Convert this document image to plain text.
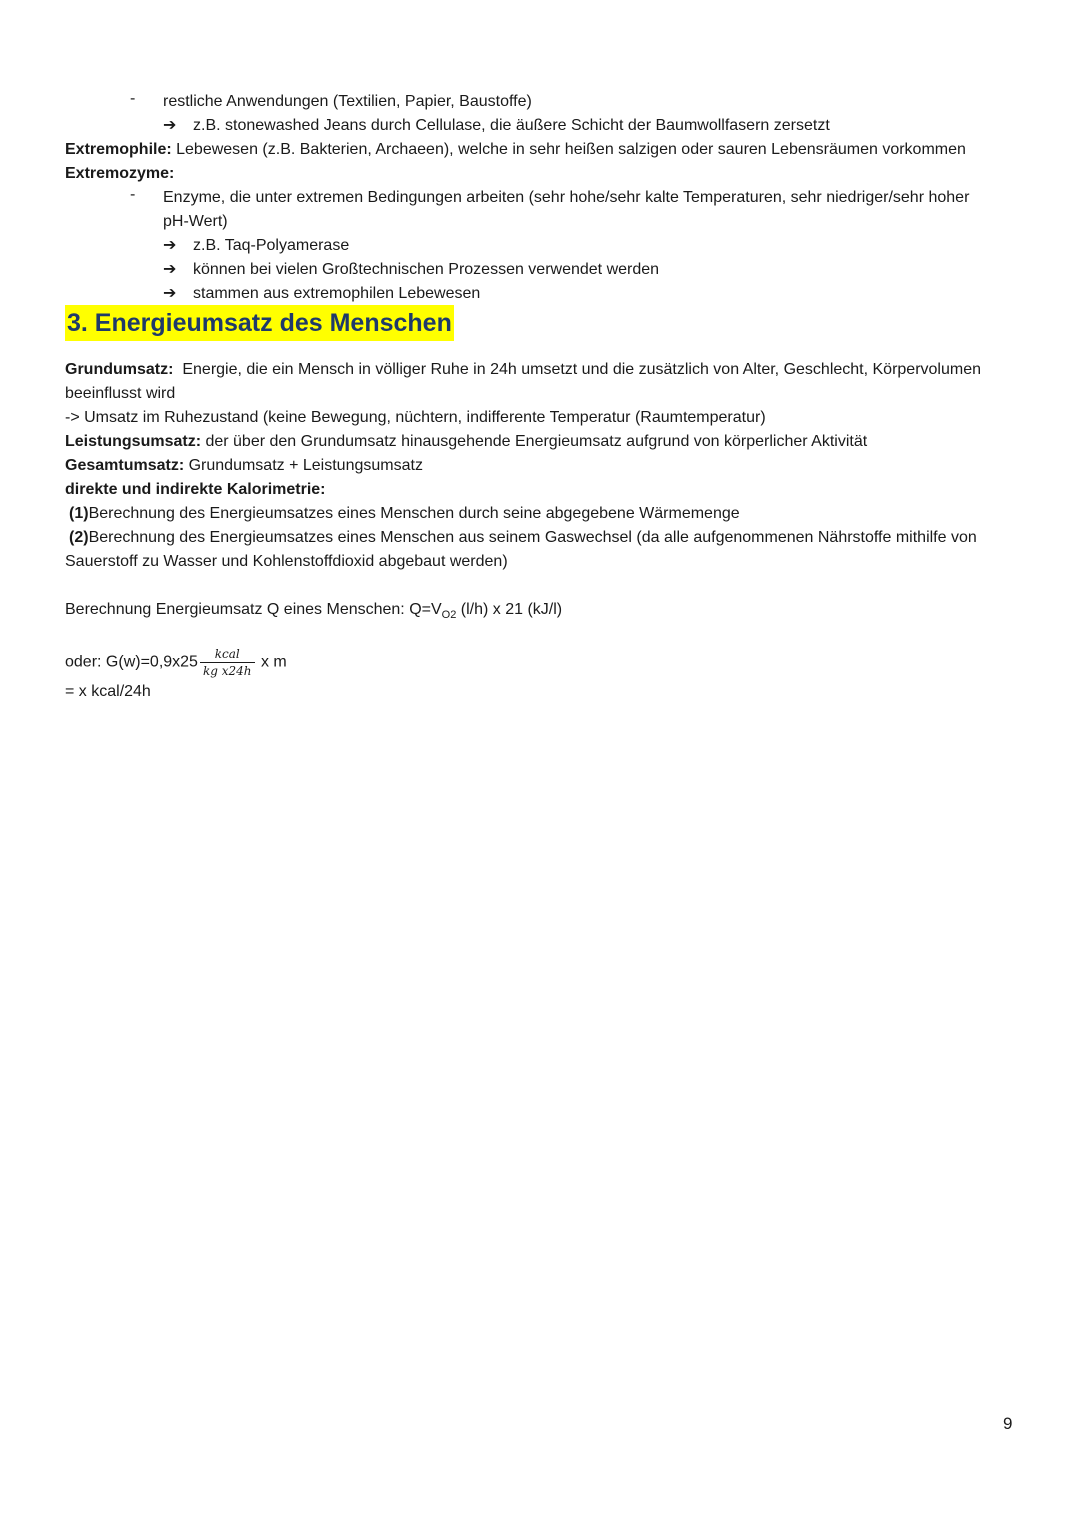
- restliche Anwendungen (Textilien, Papier, Baustoffe)
➔ z.B. stonewashed Jeans durch Cellulase, die äußere Schicht der Baumwollfasern zersetzt
Extremophile: Lebewesen (z.B. Bakterien, Archaeen), welche in sehr heißen salzigen oder sauren Lebensräumen vorkommen
Extremozyme:
- Enzyme, die unter extremen Bedingungen arbeiten (sehr hohe/sehr kalte Temperaturen, sehr niedriger/sehr hoher
pH-Wert)
➔ z.B. Taq-Polyamerase
➔ können bei vielen Großtechnischen Prozessen verwendet werden
➔ stammen aus extremophilen Lebewesen
3. Energieumsatz des Menschen
Grundumsatz:  Energie, die ein Mensch in völliger Ruhe in 24h umsetzt und die zusätzlich von Alter, Geschlecht, Körpervolumen
beeinflusst wird
-> Umsatz im Ruhezustand (keine Bewegung, nüchtern, indifferente Temperatur (Raumtemperatur)
Leistungsumsatz: der über den Grundumsatz hinausgehende Energieumsatz aufgrund von körperlicher Aktivität
Gesamtumsatz: Grundumsatz + Leistungsumsatz
direkte und indirekte Kalorimetrie:
(1)Berechnung des Energieumsatzes eines Menschen durch seine abgegebene Wärmemenge
(2)Berechnung des Energieumsatzes eines Menschen aus seinem Gaswechsel (da alle aufgenommenen Nährstoffe mithilfe von
Sauerstoff zu Wasser und Kohlenstoffdioxid abgebaut werden)
Berechnung Energieumsatz Q eines Menschen: $Q=V_{O2}$ (l/h) x 21 (kJ/l)
oder: $G(w)=0,9x25 \frac{\text{kcal}}{\text{kg x24h}}$ x m
= x kcal/24h
9
